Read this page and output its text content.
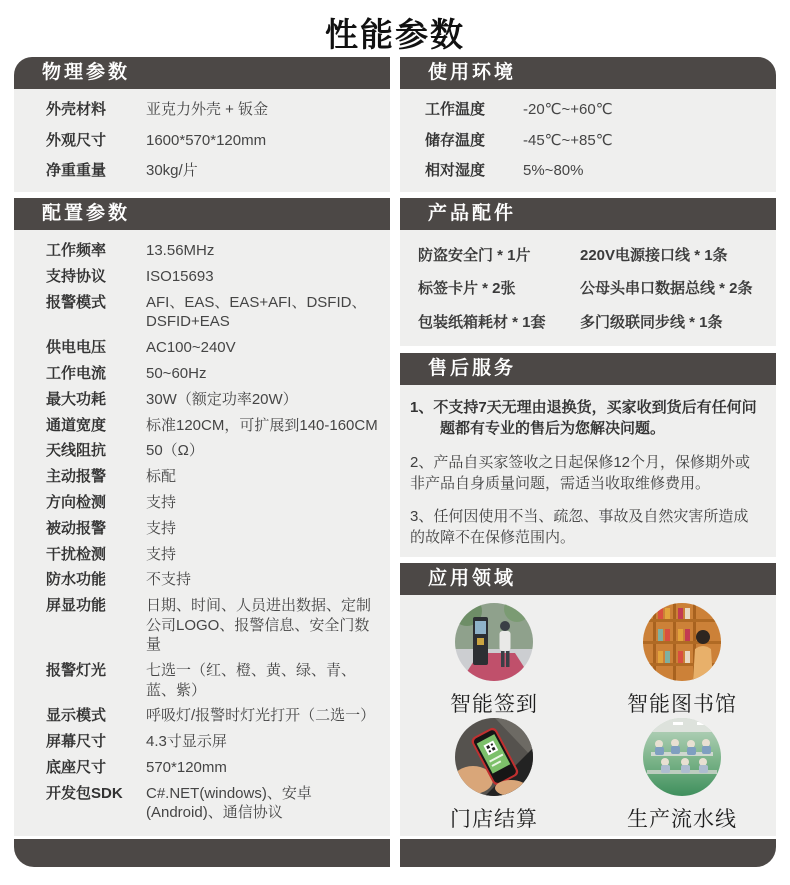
性能参数
物理参数
外壳材料	亚克力外壳 + 钣金
外观尺寸	1600*570*120mm
净重重量	30kg/片
配置参数
工作频率	13.56MHz
支持协议	ISO15693
报警模式	AFI、EAS、EAS+AFI、DSFID、DSFID+EAS
供电电压	AC100~240V
工作电流	50~60Hz
最大功耗	30W（额定功率20W）
通道宽度	标准120CM，可扩展到140-160CM
天线阻抗	50（Ω）
主动报警	标配
方向检测	支持
被动报警	支持
干扰检测	支持
防水功能	不支持
屏显功能	日期、时间、人员进出数据、定制公司LOGO、报警信息、安全门数量
报警灯光	七选一（红、橙、黄、绿、青、蓝、紫）
显示模式	呼吸灯/报警时灯光打开（二选一）
屏幕尺寸	4.3寸显示屏
底座尺寸	570*120mm
开发包SDK	C#.NET(windows)、安卓(Android)、通信协议
使用环境
工作温度	-20℃~+60℃
储存温度	-45℃~+85℃
相对湿度	5%~80%
产品配件
防盗安全门 * 1片	220V电源接口线 * 1条
标签卡片 * 2张	公母头串口数据总线 * 2条
包装纸箱耗材 * 1套	多门级联同步线 * 1条
售后服务
1、不支持7天无理由退换货，买家收到货后有任何问题都有专业的售后为您解决问题。
2、产品自买家签收之日起保修12个月，保修期外或非产品自身质量问题，需适当收取维修费用。
3、任何因使用不当、疏忽、事故及自然灾害所造成的故障不在保修范围内。
应用领域
智能签到	智能图书馆
门店结算	生产流水线
